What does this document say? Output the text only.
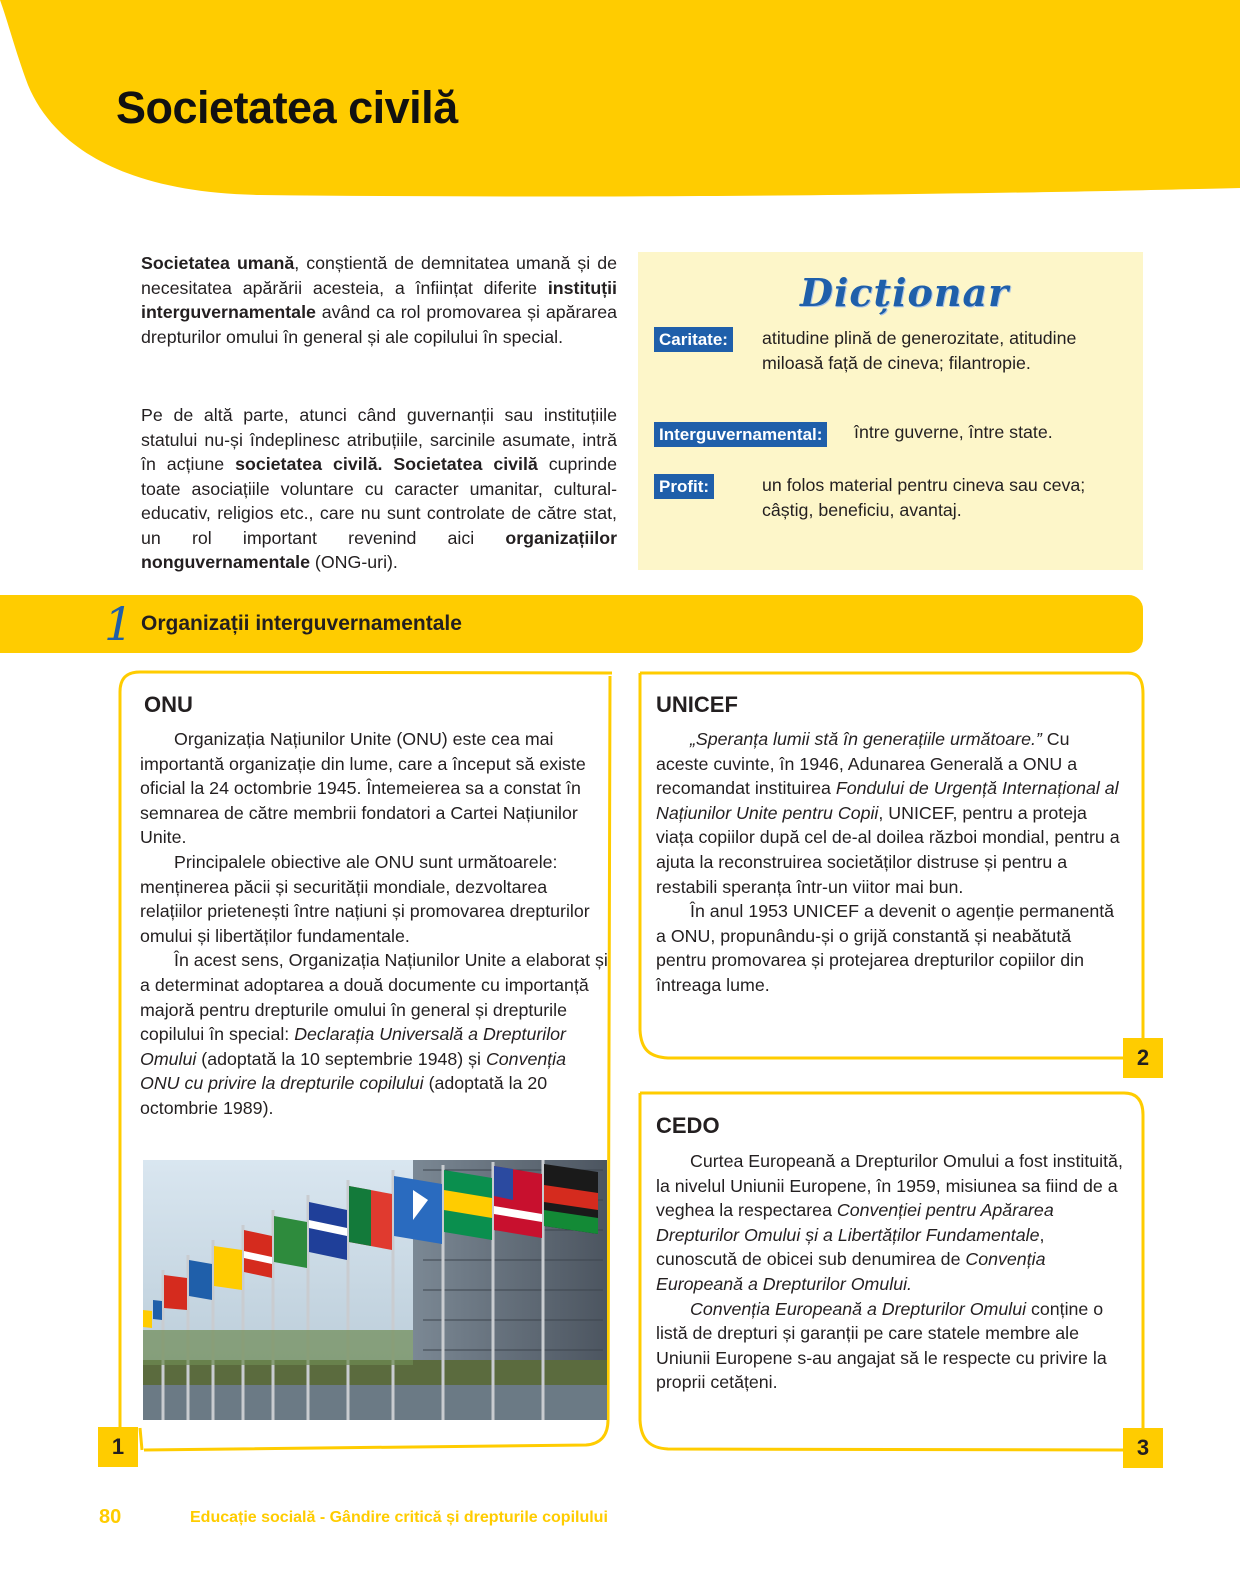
Societatea civilă

Societatea umană, conștientă de demnitatea umană și de necesitatea apărării acesteia, a înființat diferite instituții interguvernamentale având ca rol promovarea și apărarea drepturilor omului în general și ale copilului în special.

Pe de altă parte, atunci când guvernanții sau instituțiile statului nu-și îndeplinesc atribuțiile, sarcinile asumate, intră în acțiune societatea civilă. Societatea civilă cuprinde toate asociațiile voluntare cu caracter umanitar, cultural-educativ, religios etc., care nu sunt controlate de către stat, un rol important revenind aici organizațiilor nonguvernamentale (ONG-uri).

Dicționar
Caritate: atitudine plină de generozitate, atitudine miloasă față de cineva; filantropie.
Interguvernamental: între guverne, între state.
Profit:	un folos material pentru cineva sau ceva; câștig, beneficiu, avantaj.
1 Organizații interguvernamentale
ONU

Organizația Națiunilor Unite (ONU) este cea mai importantă organizație din lume, care a început să existe oficial la 24 octombrie 1945. Întemeierea sa a constat în semnarea de către membrii fondatori a Cartei Națiunilor Unite.

Principalele obiective ale ONU sunt următoarele: menținerea păcii și securității mondiale, dezvoltarea relațiilor prietenești între națiuni și promovarea drepturilor omului și libertăților fundamentale.

În acest sens, Organizația Națiunilor Unite a elaborat și a determinat adoptarea a două documente cu importanță majoră pentru drepturile omului în general și drepturile copilului în special: Declarația Universală a Drepturilor Omului (adoptată la 10 septembrie 1948) și Convenția ONU cu privire la drepturile copilului (adoptată la 20 octombrie 1989).

1
UNICEF

„Speranța lumii stă în generațiile următoare.” Cu aceste cuvinte, în 1946, Adunarea Generală a ONU a recomandat instituirea Fondului de Urgență Internațional al Națiunilor Unite pentru Copii, UNICEF, pentru a proteja viața copiilor după cel de-al doilea război mondial, pentru a ajuta la reconstruirea societăților distruse și pentru a restabili speranța într-un viitor mai bun.

În anul 1953 UNICEF a devenit o agenție permanentă a ONU, propunându-și o grijă constantă și neabătută pentru promovarea și protejarea drepturilor copiilor din întreaga lume.

2
CEDO

Curtea Europeană a Drepturilor Omului a fost instituită, la nivelul Uniunii Europene, în 1959, misiunea sa fiind de a veghea la respectarea Convenției pentru Apărarea Drepturilor Omului și a Libertăților Fundamentale, cunoscută de obicei sub denumirea de Convenția Europeană a Drepturilor Omului.

Convenția Europeană a Drepturilor Omului conține o listă de drepturi și garanții pe care statele membre ale Uniunii Europene s-au angajat să le respecte cu privire la proprii cetățeni.

3
80	Educație socială - Gândire critică și drepturile copilului
